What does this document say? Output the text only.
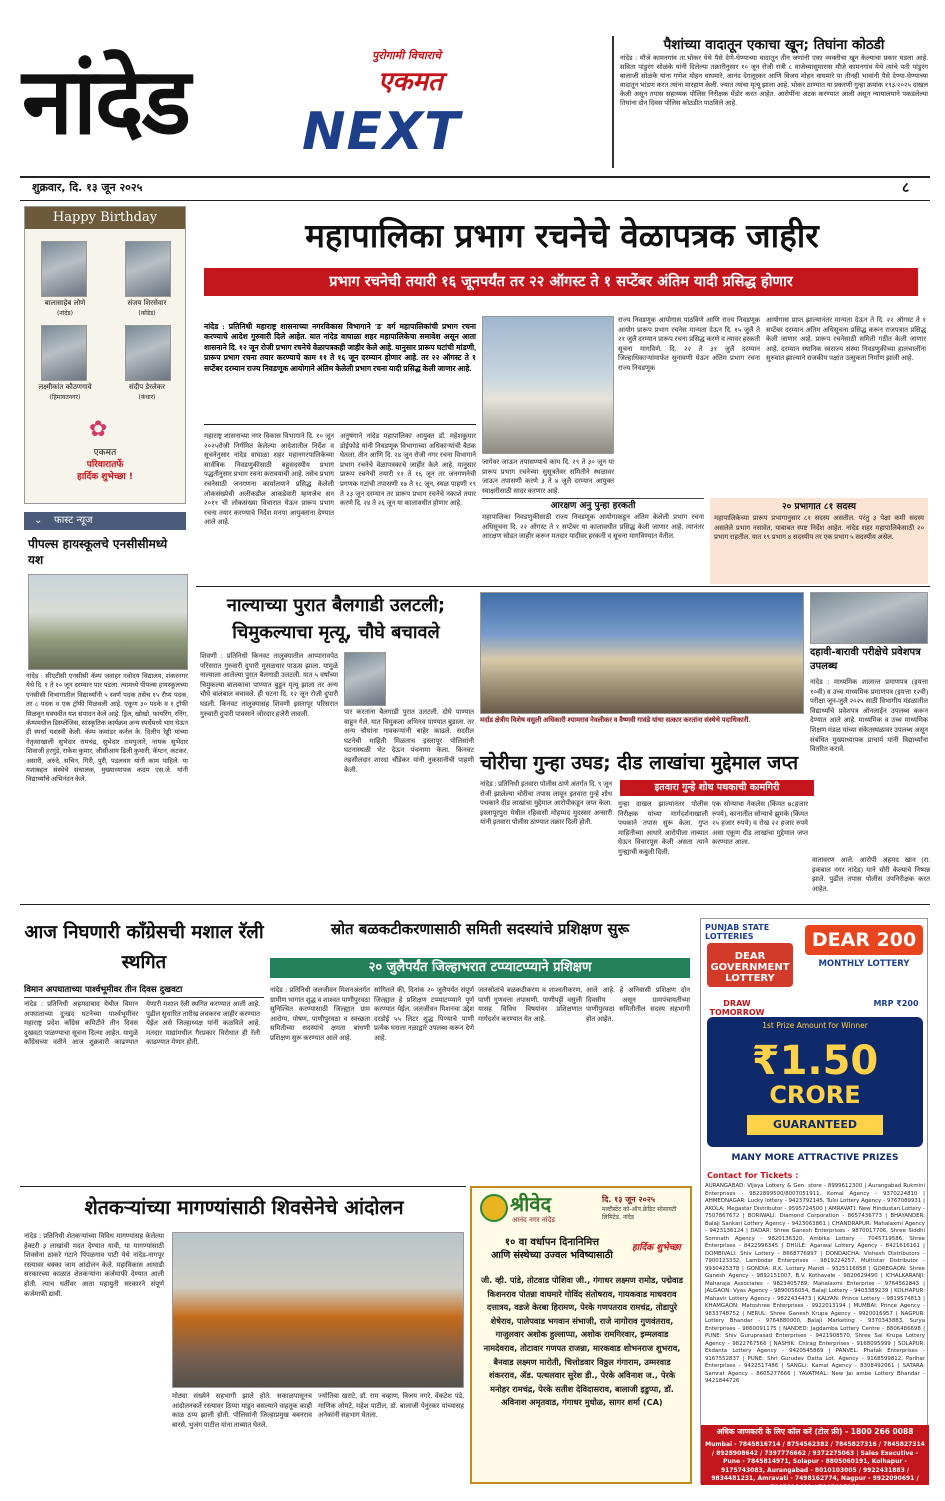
नांदेड	पुरोगामी विचाराचे
एकमत
NEXT
पैशांच्या वादातून एकाचा खून; तिघांना कोठडी
नांदेड : मौजे कामनगांव ता.भोकर येथे पैसे देणे-घेण्याच्या वादातून तीन जणांनी एका व्यक्तीचा खून केल्याचा प्रकार घडला आहे. सविता पांडुरंग सोळंके यांनी दिलेल्या तक्रारीनुसार १० जून रोजी रात्री ८ वाजेच्यासुमारास मौजे कामनगांव येथे त्यांचे पती पांडुरंग बालाजी सोळंके यांना गणेश मोहन वाघमारे, आनंद देगलूरकर आणि विजय मोहन वाघमारे या तीनही भावांनी पैसे देण्या-घेण्याच्या वादातून भांडण करत त्यांना मारहाण केली. ज्यात त्यांचा मृत्यू झाला आहे. भोकर ठाण्यात या प्रकरणी गुन्हा क्रमांक १९३/२०२५ दाखल केली असून तपास सहाय्यक पोलिस निरीक्षक मेंडोर करत आहेत. आरोपींना अटक करण्यात आली असून न्यायालयाने पकडलेल्या तिघांना दोन दिवस पोलिस कोठडीत पाठविले आहे.
शुक्रवार, दि. १३ जून २०२५	८
Happy Birthday
बालासाहेब लोणे	संजय शिरसेवार
(नांदेड)	(कोंडेड)
लक्ष्मीकांत कौठणगावे	संदीप डेरलेकर
(हिमायतनगर)	(कंधार)
✿
एकमत
परिवारातर्फे
हार्दिक शुभेच्छा !
⌄ फास्ट न्यूज
पीपल्स हायस्कूलचे एनसीसीमध्ये यश
नांदेड : सीएटीसी एनसीसी कॅम्प जवाहर नवोदय विद्यालय, शंकरनगर येथे दि. १ ते १० जून दरम्यान पार पडला. त्यामध्ये पीपल्स हायस्कूलच्या एनसीसी विभागातील विद्यार्थ्यांनी ५ स्वर्ण पदक तसेच १५ रौप्य पदक, तर ८ पदक व एक ट्रॉफी मिळवली आहे. एकूण ३० पदके व १ ट्रॉफी मिळवून घवघवीत यश संपादन केले आहे. ड्रिल, खोखो, फायरिंग, रनिंग, कॅम्पमधील डिस्प्लेजिस, सांस्कृतिक कार्यक्रम अन्य स्पर्धेमध्ये भाग घेऊन ही स्पर्धा यशस्वी केली. कॅम्प कमांडर कर्नल के. दिलीप रेड्डी यांच्या नेतृत्वाखाली सुभेदार रामचंद्र, सुभेदार रामपुजारे, नायक सुभेदार शिवाजी हरगुंडे, राकेश कुमार, जीसीआय ढिली कुमारी, कॅप्टन, कटकर, असारी, अरुंदे, सचिन, गिरी, पुरी, पडलवार यांनी काम पाहिले. या यशाबद्दल संस्थेचे संचालक, मुख्याध्यापक कदम एस.जे. यांनी विद्यार्थ्यांचे अभिनंदन केले.
महापालिका प्रभाग रचनेचे वेळापत्रक जाहीर
प्रभाग रचनेची तयारी १६ जूनपर्यंत तर २२ ऑगस्ट ते १ सप्टेंबर अंतिम यादी प्रसिद्ध होणार
नांदेड : प्रतिनिधी महाराष्ट्र शासनाच्या नगरविकास विभागाने 'ड' वर्ग महापालिकांची प्रभाग रचना करण्याचे आदेश गुरुवारी दिले आहेत. यात नांदेड वाघाळा शहर महापालिकेचा समावेश असून आता शासनाने दि. १२ जून रोजी प्रभाग रचनेचे वेळापत्रकही जाहीर केले आहे. यानुसार प्रारूप घटांची मांडणी, प्रारूप प्रभाग रचना तयार करण्याचे काम ११ ते १६ जून दरम्यान होणार आहे. तर २२ ऑगस्ट ते १ सप्टेंबर दरम्यान राज्य निवडणूक आयोगाने अंतिम केलेली प्रभाग रचना यादी प्रसिद्ध केली जाणार आहे.
महाराष्ट्र शासनाच्या नगर विकास विभागाने दि. १० जून २०२५रोजी निर्गमित केलेल्या आदेशातील निर्देश व सूचनेनुसार नांदेड वाघाळा शहर महानगरपालिकेच्या सार्वत्रिक निवडणुकीसाठी बहुसदस्यीय प्रभाग पद्धतीनुसार प्रभाग रचना करावयाची आहे. तसेच प्रभाग रचनेसाठी जनगणना कार्यालयाने प्रसिद्ध केलेली लोकसंख्येची अलीकडील आकडेवारी म्हणजेच सन २०११ ची लोकसंख्या विचारात घेऊन प्रारूप प्रभाग रचना तयार करण्याचे निर्देश मनपा आयुक्तांना देण्यात आले आहे.
अनुषंगाने नांदेड महापालिका आयुक्त डॉ. महेशकुमार डोईफोडे यांनी निवडणूक विभागाच्या अधिकाऱ्यांची बैठक घेतला. तीन आणि दि. २४ जून रोजी नगर रचना विभागाने प्रभाग रचनेचे वेळापत्रकाचे जाहीर केले आहे. यानुसार प्रारूप रचनेची तयारी ११ ते १६ जून तर जनगणनेची प्रगणक गटांची तपासणी १७ ते १८ जून, स्थळ पाहणी १९ ते २३ जून दरम्यान तर प्रारूप प्रभाग रचनेचे नकाशे तयार करणे दि. २४ ते २६ जून या कालावधीत होणार आहे.
जागेवर जाऊन तपासण्याचे काम दि. २९ ते ३० जून या प्रारूप प्रभाग रचनेच्या सुसूत्रतेवर समितीने स्थळावर जाऊन तपासणी करणे ३ ते ४ जुलै दरम्यान आयुक्त स्वाक्षरीसाठी सादर करणार आहे.
राज्य निवडणूक आयोगास पाठविणे आणि राज्य निवडणूक आयोग प्रारूप प्रभाग रचनेस मान्यता देऊन दि. १५ जुलै ते २१ जुलै दरम्यान प्रारूप रचना प्रसिद्ध करणे व त्यावर हरकती सूचना मागविणे. दि. २२ ते ३१ जुलै दरम्यान जिल्हाधिकाऱ्यांमार्फत सुनावणी घेऊन अंतिम प्रभाग रचना राज्य निवडणूक
आयोगास प्राप्त झाल्यानंतर मान्यता देऊन ते दि. २२ ऑगस्ट ते १ सप्टेंबर दरम्यान अंतिम अधिसूचना प्रसिद्ध करून राजपत्रात प्रसिद्ध केली जाणार आहे. प्रारूप रचनेसाठी समिती गठीत केली जाणार आहे. दरम्यान स्थानिक स्वराज्य संस्था निवडणुकीच्या हालचालींना सुरुवात झाल्याने राजकीय पक्षांत उत्सुकता निर्माण झाली आहे.
आरक्षण अनु पुन्हा हरकती
महापालिका निवडणुकीसाठी राज्य निवडणूक आयोगाकडून अंतिम केलेली प्रभाग रचना अधिसूचना दि. २२ ऑगस्ट ते १ सप्टेंबर या कालावधीत प्रसिद्ध केली जाणार आहे. त्यानंतर आरक्षण सोडत जाहीर करून मतदार यादीवर हरकती व सूचना मागविण्यात येतील.
२० प्रभागात ८१ सदस्य
महापालिकेच्या प्रारूप प्रभागानुसार ८१ सदस्य असतील. परंतु ३ पेक्षा कमी सदस्य असलेले प्रभाग नसावेत, याबाबत स्पष्ट निर्देश आहेत. नांदेड शहर महापालिकेसाठी २० प्रभाग राहतील. यात १९ प्रभाग ४ सदस्यीय तर एक प्रभाग ५ सदस्यीय असेल.
नाल्याच्या पुरात बैलगाडी उलटली; चिमुकल्याचा मृत्यू, चौघे बचावले
शिवणी : प्रतिनिधी किनवट तालुक्यातील आप्पारावपेठ परिसरात गुरुवारी दुपारी मुसळधार पाऊस झाला. यामुळे नाल्याला आलेल्या पुरात बैलगाडी उलटली. यात ५ वर्षांच्या चिमुकल्या बालकाचा पाण्यात बुडून मृत्यू झाला तर अन्य चौघे बालंबाल बचावले. ही घटना दि. १२ जून रोजी दुपारी घडली. किनवट तालुक्यासह शिवणी इस्लापूर परिसरात गुरुवारी दुपारी पावसाने जोरदार हजेरी लावली.	पार करतांना बैलगाडी पुरात उलटली. दोघे पाण्यात वाहून गेले. यात चिमुकला अभिनव पाण्यात बुडाला. तर अन्य चौघांना गावकऱ्यांनी बाहेर काढले. सदरील घटनेची माहिती मिळताच इस्लापूर पोलिसांनी घटनास्थळी भेट देऊन पंचनामा केला. किनवट तहसीलदार शारदा चौंडेकर यांनी नुकसानीची पाहणी केली.
मर्दाड क्षेत्रीय विशेष वसुली अधिकारी श्यामराव नेवलीकर व वैष्णवी गावंडे यांचा सत्कार करतांना संस्थेचे पदाधिकारी.
दहावी-बारावी परीक्षेचे प्रवेशपत्र उपलब्ध
नांदेड : माध्यमिक शालान्त प्रमाणपत्र (इयत्ता १०वी) व उच्च माध्यमिक प्रमाणपत्र (इयत्ता १२वी) परीक्षा जून-जुलै २०२५ साठी विभागीय मंडळातील विद्यार्थ्यांचे प्रवेशपत्र ऑनलाईन उपलब्ध करून देण्यात आले आहे. माध्यमिक व उच्च माध्यमिक शिक्षण मंडळ यांच्या संकेतस्थळावर उपलब्ध असून संबंधित मुख्याध्यापक प्राचार्य यांनी विद्यार्थ्यांना वितरित करावे.
चोरीचा गुन्हा उघड; दीड लाखांचा मुद्देमाल जप्त
इतवारा गुन्हे शोध पथकाची कामगिरी
नांदेड : प्रतिनिधी इतवारा पोलीस ठाणे अंतर्गत दि. ९ जून रोजी झालेल्या चोरीचा तपास लावून इतवारा गुन्हे शोध पथकाने दीड लाखांचा मुद्देमाल आरोपीकडून जप्त केला. इस्लापूरपुरा येथील रहिवासी मोहम्मद मुदस्सर अन्सारी यांनी इतवारा पोलीस ठाण्यात तक्रार दिली होती.
गुन्हा दाखल झाल्यानंतर पोलीस निरीक्षक यांच्या मार्गदर्शनाखाली पथकाने तपास सुरू केला. गुप्त माहितीच्या आधारे आरोपीला ताब्यात घेऊन विचारपूस केली असता त्याने गुन्ह्याची कबुली दिली.
एक सोन्याचा नेकलेस (किंमत ७८हजार रुपये), कानातील सोन्याचे झुमके (किंमत २५ हजार रुपये) व रोख २२ हजार रुपये असा एकूण दीड लाखांचा मुद्देमाल जप्त करण्यात आला.
वातावरण आले. आरोपी अहमद खान (रा. इकबाल नगर नांदेड) याने चोरी केल्याचे निष्पन्न झाले. पुढील तपास पोलीस उपनिरीक्षक करत आहेत.
आज निघणारी काँग्रेसची मशाल रॅली स्थगित
विमान अपघाताच्या पार्श्वभूमीवर तीन दिवस दुखवटा
नांदेड : प्रतिनिधी अहमदाबाद येथील विमान अपघाताच्या दुःखद घटनेच्या पार्श्वभूमीवर महाराष्ट्र प्रदेश काँग्रेस कमिटीने तीन दिवस दुखवटा पाळण्याचा सूचना दिल्या आहेत. यामुळे काँग्रेसच्या वतीने आज शुक्रवारी काढण्यात येणारी मशाल रॅली स्थगित करण्यात आली आहे. पुढील सुधारित तारीख लवकरच जाहीर करण्यात येईल असे जिल्हाध्यक्ष यांनी कळविले आहे. मतदार याद्यांमधील गैरप्रकार विरोधात ही रॅली काढण्यात येणार होती.
स्रोत बळकटीकरणासाठी समिती सदस्यांचे प्रशिक्षण सुरू
२० जुलैपर्यंत जिल्हाभरात टप्प्याटप्प्याने प्रशिक्षण
नांदेड : प्रतिनिधी जलजीवन मिशनअंतर्गत ग्रामीण भागात शुद्ध व शाश्वत पाणीपुरवठा सुनिश्चित करण्यासाठी जिल्ह्यात ग्राम आरोग्य, पोषण, पाणीपुरवठा व स्वच्छता समितीच्या सदस्यांचे क्षमता बांधणी प्रशिक्षण सुरू करण्यात आले आहे.
सांगितले की, दिनांक २० जुलैपर्यंत संपूर्ण जिल्ह्यात हे प्रशिक्षण टप्प्याटप्प्याने पूर्ण करण्यात येईल. जलजीवन मिशनचा उद्देश दरडोई ५५ लिटर शुद्ध पिण्याचे पाणी प्रत्येक घराला नळाद्वारे उपलब्ध करून देणे आहे.
जलस्रोतांचे बळकटीकरण व शाश्वतीकरण, पाणी गुणवत्ता तपासणी, पाणीपट्टी वसुली यासह विविध विषयांवर प्रशिक्षणात मार्गदर्शन करण्यात येत आहे.
आले आहे. हे अनिवासी प्रशिक्षण दोन दिवसीय असून ग्रामपंचायतीच्या पाणीपुरवठा समितीतील सदस्य सहभागी होत आहेत.
श्रीवेद	दि. १३ जून २०२५
मल्टीस्टेट को-ऑप.क्रेडिट सोसायटी लिमिटेड, नांदेड
आनंद नगर नांदेड
१० वा वर्धापन दिनानिमित्त
आणि संस्थेच्या उज्वल भविष्यासाठी
हार्दिक शुभेच्छा
जी. व्ही. पांडे, तोटवाड पोशिवा जी., गंगाधर लक्ष्मण रामोड, पद्मेवाड किशनराव पोतन्ना वाघमारे गोविंद संतोषराव, गायकवाड माधवराव दत्तात्रय, वडजे केरबा हिरामण, पेरके गणपतराव रामचंद्र, तोडापुरे शेषेराव, पालेपवाड भगवान संभाजी, राजे नागोराव गुणवंतराव, गाजुलवार अशोक हुल्लाप्पा, अशोक रामगिरवार, इम्मलवाड नामदेवराव, तोटावार गणपत राजन्ना, मारकवाड शोभनराज शुभराव, बैनवाड लक्ष्मण मारोती, चित्तोडवार विठ्ठल गंगाराम, उम्मरवाड शंकरराव, ॲड. पत्थलवार सुरेश डी., पेरके अविनाश ज., पेरके मनोहर रामचंद्र, पेरके सतीश देविदासराव, बालाजी इडुप्पा, डॉ. अविनाश अमृतवाड, गंगाधर मुधोळ, सागर शर्मा (CA)
PUNJAB STATE LOTTERIES
DEAR GOVERNMENT LOTTERY
DEAR 200
MONTHLY LOTTERY
DRAW TOMORROW
MRP ₹200
1st Prize Amount for Winner
₹1.50
CRORE
GUARANTEED
MANY MORE ATTRACTIVE PRIZES
Contact for Tickets :
AURANGABAD: Vijaya Lottery & Gen. store - 8999612300 | Aurangabad Rukmini Enterprises - 9822899500/8007051911, Komal Agency - 9370224810 | AHMEDNAGAR: Lucky lottery - 9423792145, Tulsi Lottery Agency - 9767089931 | AKOLA: Megastar Distributor - 9595724500 | AMRAVATI: New Hindustan Lottery - 7507867672 | BORIWALI: Diamond Corporation - 8657436773 | BHAYANDER: Balaji Sankari Lottery Agency - 9423063861 | CHANDRAPUR: Mahalaxmi Agency - 9423136124 | DADAR: Shree Ganesh Enterprises - 9870017706, Shree Siddhi Somnath Agency - 9820136320, Ambika Lottery - 7045719586, Shree Enterprises - 8422996345 | DHULE: Agarwal Lottery Agency - 8421616161 | DOMBIVALI: Shiv Lottery - 8668776997 | DONDAICHA: Vishesh Distributors - 7900123332, Lambodar Enterprises - 9819224257, Multistar Distributor - 9930425378 | GONDIA: R.K. Lottery Mandi - 9325116858 | GOREGAON: Shree Ganesh Agency - 9892151007, B.V. Kothavale - 9820629490 | ICHALKARANJI: Maharaja Associates - 9823405789, Mahalaxmi Enterprise - 9764562843 | JALGAON: Vyas Agency - 9890056054, Balaji Lottery - 9403389239 | KOLHAPUR: Mahavir Lottery Agency - 9822434473 | KALYAN: Prince Lottery - 9819574813 | KHAMGAON: Matoshree Enterprises - 9922013194 | MUMBAI: Prince Agency - 9833748752 | NERUL: Shree Ganesh Krupa Agency - 9920016957 | NAGPUR: Lottery Bhandar - 9764880000, Balaji Marketing - 9370343883, Surya Enterprises - 9860091175 | NANDED: Jagdamba Lottery Centre - 8806486698 | PUNE: Shiv Guruprasad Enterprises - 9421908570, Shree Sai Krupa Lottery Agency - 9822767566 | NASHIK: Chirag Enterprises - 9168095999 | SOLAPUR: Ekdanta Lottery Agency - 9420545869 | PANVEL: Phatak Enterprises - 9167552837 | PUNE: Shri Gurudev Datta Lot. Agency - 9168599812, Parihar Enterprises - 9422517486 | SANGLI: Kamal Agency - 8308492061 | SATARA: Samrat Agency - 8605277666 | YAVATMAL: New Jai ambe Lottery Bhandar - 9421844726
अधिक जाणकारी के लिए कॉल करें (टोल फ्री) - 1800 266 0088
Mumbai - 7845816714 / 8754562382 / 7845827316 / 7845827314 / 8928908642 / 7397776662 / 9372275063 | Sales Executive - Pune - 7845814971, Solapur - 8805060191, Kolhapur - 9175743083, Aurangabad - 8010103005 / 9922431883 / 9834481231, Amravati - 7498162774, Nagpur - 9922090691 / 7845819432 / 7845827259
शेतकऱ्यांच्या मागण्यांसाठी शिवसेनेचे आंदोलन
नांदेड : प्रतिनिधी शेतकऱ्यांच्या विविध मागण्यांसह केलेल्या हेक्टरी ३ लाखांची मदत देण्यात यावी, या मागण्यांसाठी शिवसेना ठाकरे गटाने पिंपळगाव पाटी येथे नांदेड-नागपूर रस्त्यावर चक्का जाम आंदोलन केले. महाविकास आघाडी सरकारच्या काळात शेतकऱ्यांना कर्जमाफी देण्यात आली होती. त्याच धर्तीवर आता महायुती सरकारने संपूर्ण कर्जमाफी द्यावी.
मोठ्या संख्येने सहभागी झाले होते. सकाळपासूनच आंदोलनकर्ते रस्त्यावर ठिय्या मांडून बसल्याने वाहतूक काही काळ ठप्प झाली होती. पोलिसांनी जिल्हाप्रमुख बबनराव बारसे, भुजंग पाटील यांना ताब्यात घेतले.
ज्योतिबा खराटे, डॉ. राम चव्हाण, विजय नगरे, वेंकटेश पंडे, माणिक लोमटे, महेश पाटील, डॉ. बालाजी पेनुरकर यांच्यासह अनेकांनी सहभाग घेतला.
